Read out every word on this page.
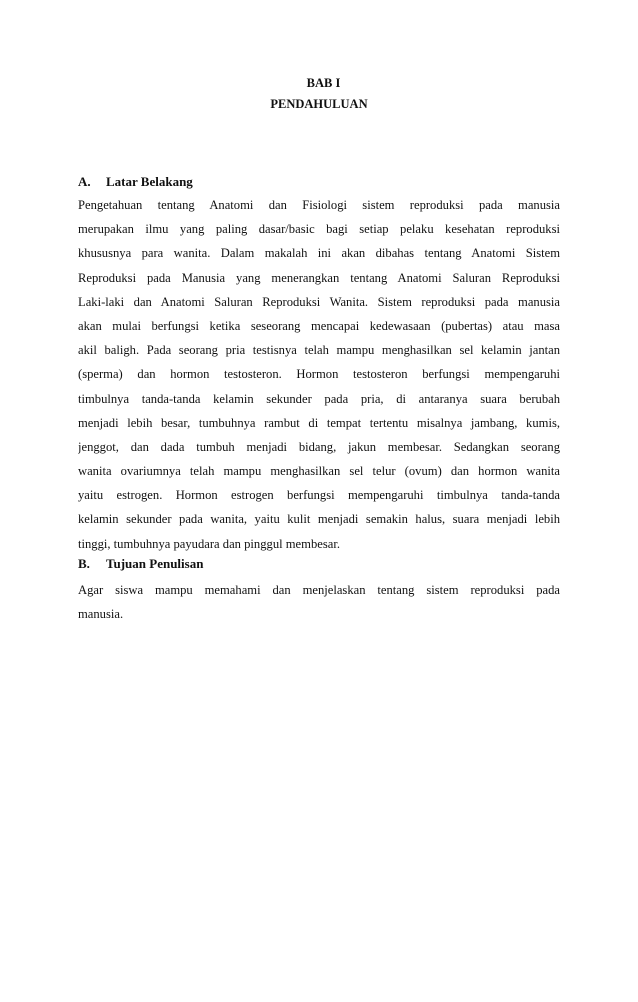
BAB I

PENDAHULUAN

A. Latar Belakang

Pengetahuan tentang Anatomi dan Fisiologi sistem reproduksi pada manusia
merupakan ilmu yang paling dasar/basic bagi setiap pelaku kesehatan reproduksi
khususnya para wanita. Dalam makalah ini akan dibahas tentang Anatomi Sistem
Reproduksi pada Manusia yang menerangkan tentang Anatomi Saluran Reproduksi
Laki-laki dan Anatomi Saluran Reproduksi Wanita. Sistem reproduksi pada manusia
akan mulai berfungsi ketika seseorang mencapai kedewasaan (pubertas) atau masa
akil baligh. Pada seorang pria testisnya telah mampu menghasilkan sel kelamin jantan
(sperma) dan hormon testosteron. Hormon testosteron berfungsi mempengaruhi
timbulnya tanda-tanda kelamin sekunder pada pria, di antaranya suara berubah
menjadi lebih besar, tumbuhnya rambut di tempat tertentu misalnya jambang, kumis,
jenggot, dan dada tumbuh menjadi bidang, jakun membesar. Sedangkan seorang
wanita ovariumnya telah mampu menghasilkan sel telur (ovum) dan hormon wanita
yaitu estrogen. Hormon estrogen berfungsi mempengaruhi timbulnya tanda-tanda
kelamin sekunder pada wanita, yaitu kulit menjadi semakin halus, suara menjadi lebih
tinggi, tumbuhnya payudara dan pinggul membesar.

B. Tujuan Penulisan

Agar siswa mampu memahami dan menjelaskan tentang sistem reproduksi pada
manusia.
